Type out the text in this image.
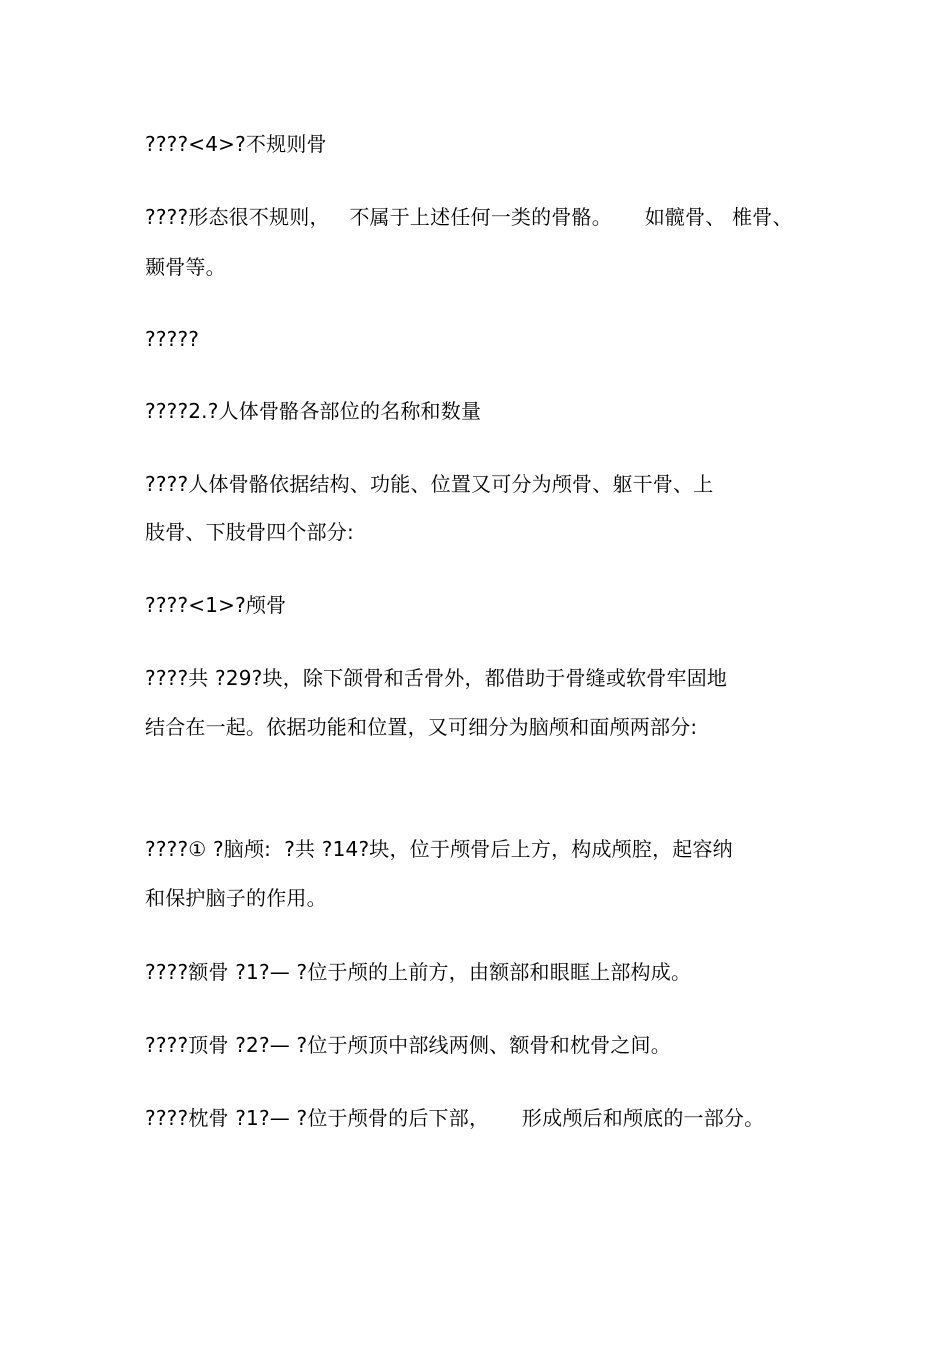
????<4>?不规则骨
????形态很不规则，   不属于上述任何一类的骨骼。     如髋骨、 椎骨、
颞骨等。
?????
????2.?人体骨骼各部位的名称和数量
????人体骨骼依据结构、功能、位置又可分为颅骨、躯干骨、上
肢骨、下肢骨四个部分:
????<1>?颅骨
????共 ?29?块，除下颌骨和舌骨外，都借助于骨缝或软骨牢固地
结合在一起。依据功能和位置，又可细分为脑颅和面颅两部分:
????① ?脑颅:  ?共 ?14?块，位于颅骨后上方，构成颅腔，起容纳
和保护脑子的作用。
????额骨 ?1?— ?位于颅的上前方，由额部和眼眶上部构成。
????顶骨 ?2?— ?位于颅顶中部线两侧、额骨和枕骨之间。
????枕骨 ?1?— ?位于颅骨的后下部，     形成颅后和颅底的一部分。
